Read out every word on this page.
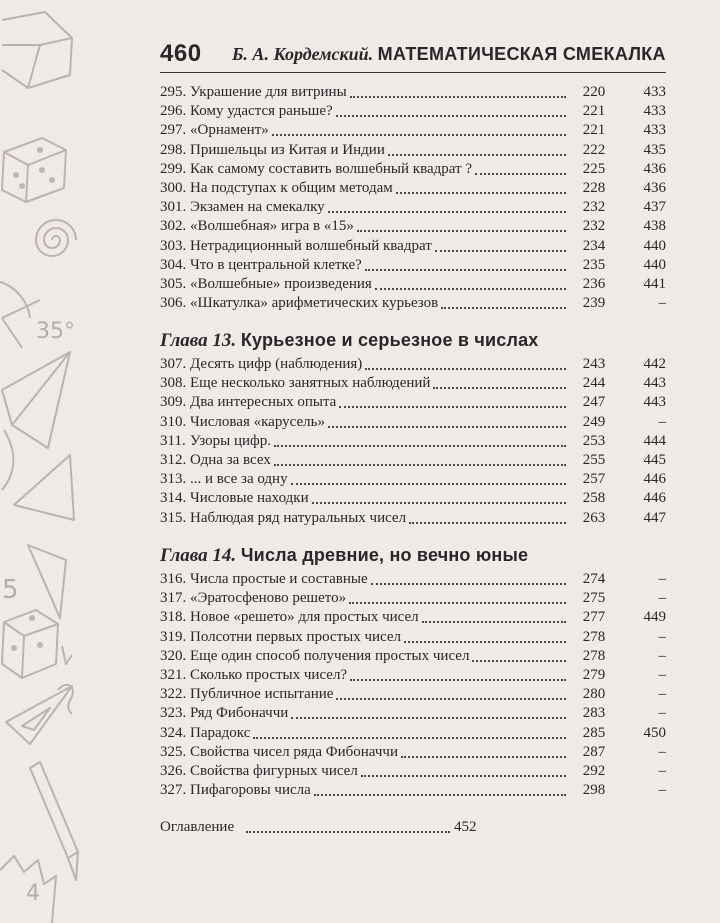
35°
5
4
460 Б. А. Кордемский. МАТЕМАТИЧЕСКАЯ СМЕКАЛКА
295. Украшение для витрины	220	433
296. Кому удастся раньше?	221	433
297. «Орнамент»	221	433
298. Пришельцы из Китая и Индии	222	435
299. Как самому составить волшебный квадрат ?	225	436
300. На подступах к общим методам	228	436
301. Экзамен на смекалку	232	437
302. «Волшебная» игра в «15»	232	438
303. Нетрадиционный волшебный квадрат	234	440
304. Что в центральной клетке?	235	440
305. «Волшебные» произведения	236	441
306. «Шкатулка» арифметических курьезов	239	–
Глава 13. Курьезное и серьезное в числах
307. Десять цифр (наблюдения)	243	442
308. Еще несколько занятных наблюдений	244	443
309. Два интересных опыта	247	443
310. Числовая «карусель»	249	–
311. Узоры цифр.	253	444
312. Одна за всех	255	445
313. ... и все за одну	257	446
314. Числовые находки	258	446
315. Наблюдая ряд натуральных чисел	263	447
Глава 14. Числа древние, но вечно юные
316. Числа простые и составные	274	–
317. «Эратосфеново решето»	275	–
318. Новое «решето» для простых чисел	277	449
319. Полсотни первых простых чисел	278	–
320. Еще один способ получения простых чисел	278	–
321. Сколько простых чисел?	279	–
322. Публичное испытание	280	–
323. Ряд Фибоначчи	283	–
324. Парадокс	285	450
325. Свойства чисел ряда Фибоначчи	287	–
326. Свойства фигурных чисел	292	–
327. Пифагоровы числа	298	–
Оглавление	452
